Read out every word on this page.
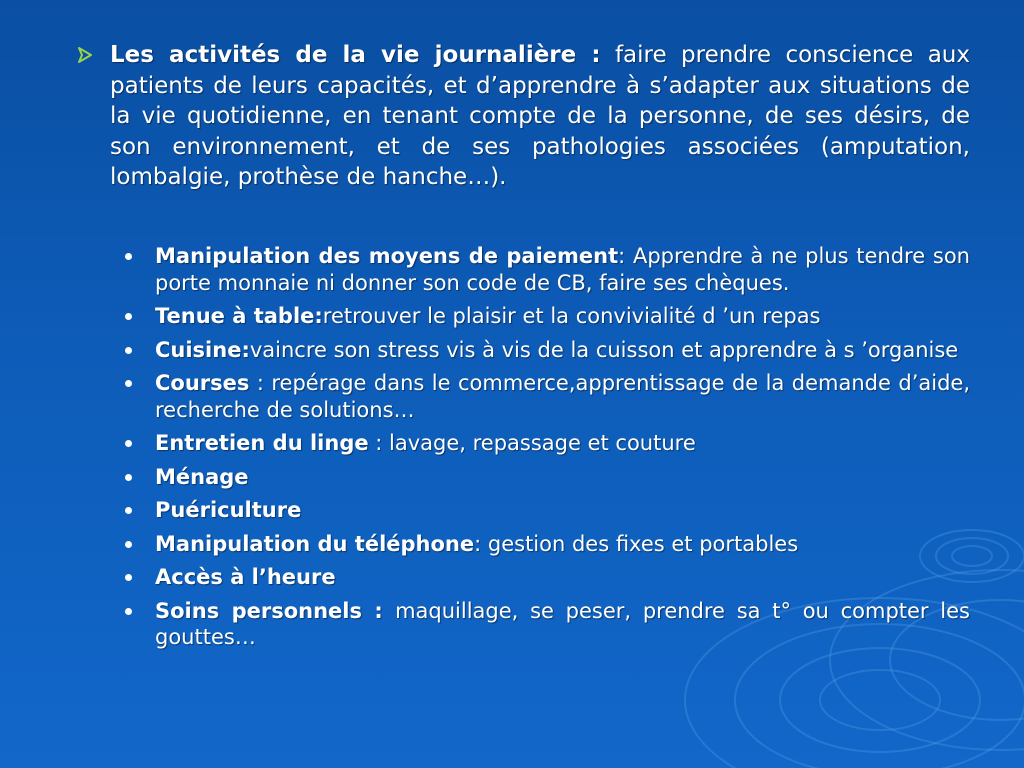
Les activités de la vie journalière : faire prendre conscience aux patients de leurs capacités, et d’apprendre à s’adapter aux situations de la vie quotidienne, en tenant compte de la personne, de ses désirs, de son environnement, et de ses pathologies associées (amputation, lombalgie, prothèse de hanche…).
Manipulation des moyens de paiement: Apprendre à ne plus tendre son porte monnaie ni donner son code de CB, faire ses chèques.
Tenue à table:retrouver le plaisir et la convivialité d ’un repas
Cuisine:vaincre son stress vis à vis de la cuisson et apprendre à s ’organise
Courses : repérage dans le commerce,apprentissage de la demande d’aide, recherche de solutions…
Entretien du linge : lavage, repassage et couture
Ménage
Puériculture
Manipulation du téléphone: gestion des fixes et portables
Accès à l’heure
Soins personnels : maquillage, se peser, prendre sa t° ou compter les gouttes…
